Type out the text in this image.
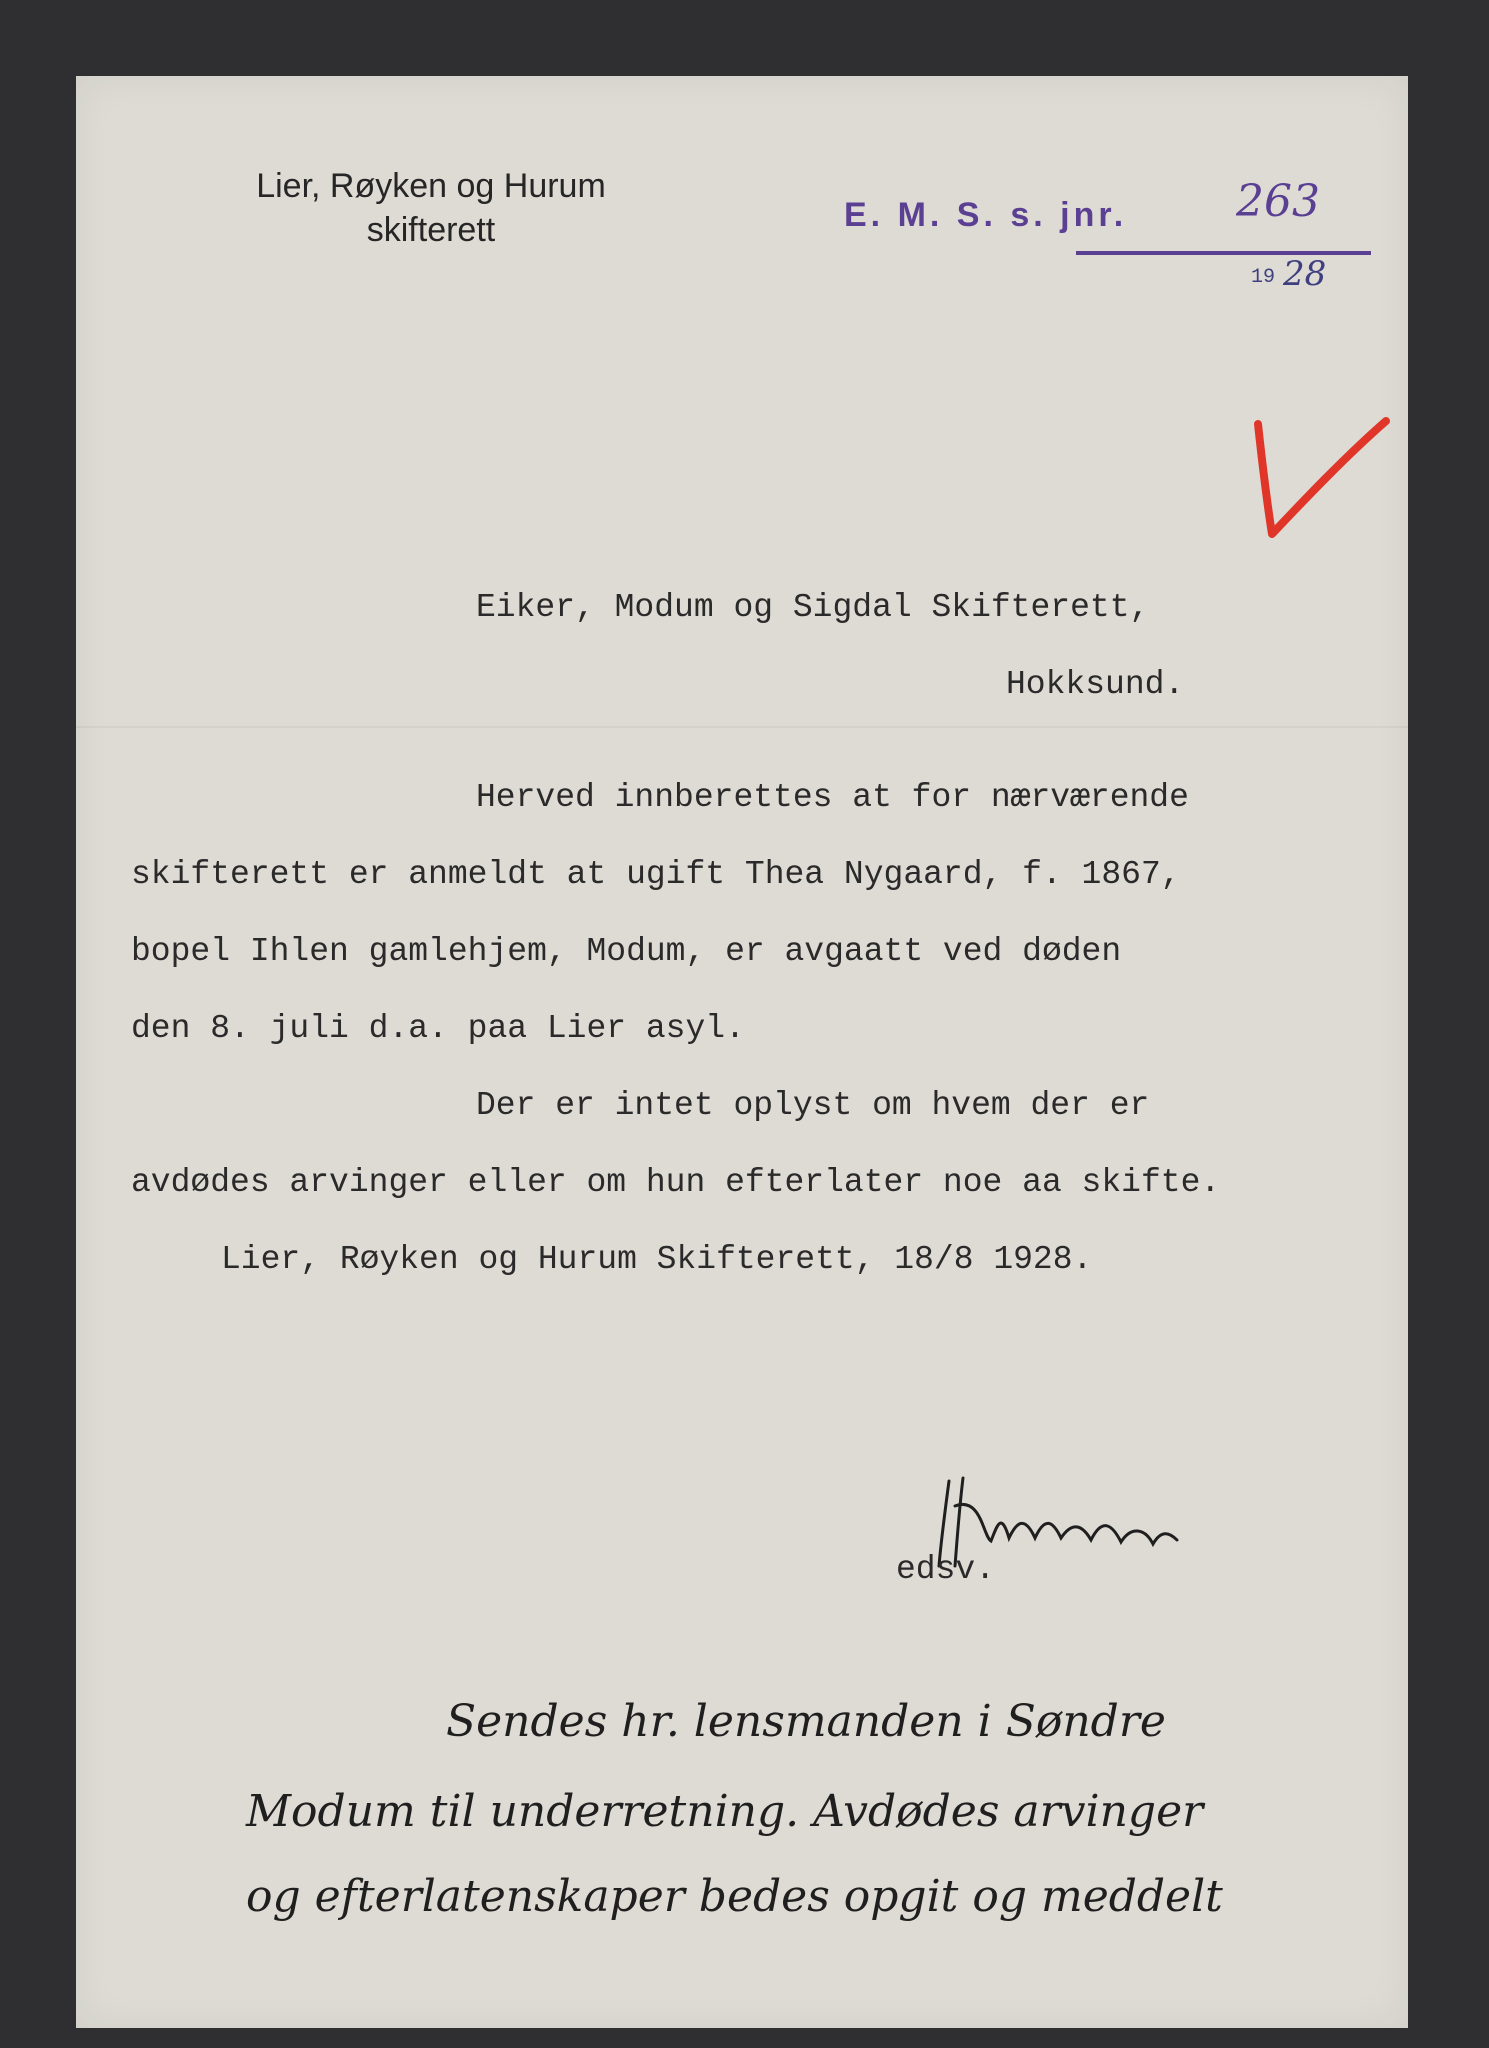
Lier, Røyken og Hurum
skifterett	E. M. S. s. jnr. 263
19 28
Eiker, Modum og Sigdal Skifterett,
Hokksund.
Herved innberettes at for nærværende
skifterett er anmeldt at ugift Thea Nygaard, f. 1867,
bopel Ihlen gamlehjem, Modum, er avgaatt ved døden
den 8. juli d.a. paa Lier asyl.
Der er intet oplyst om hvem der er
avdødes arvinger eller om hun efterlater noe aa skifte.
Lier, Røyken og Hurum Skifterett, 18/8 1928.
edsv.
Sendes hr. lensmanden i Søndre
Modum til underretning. Avdødes arvinger
og efterlatenskaper bedes opgit og meddelt
